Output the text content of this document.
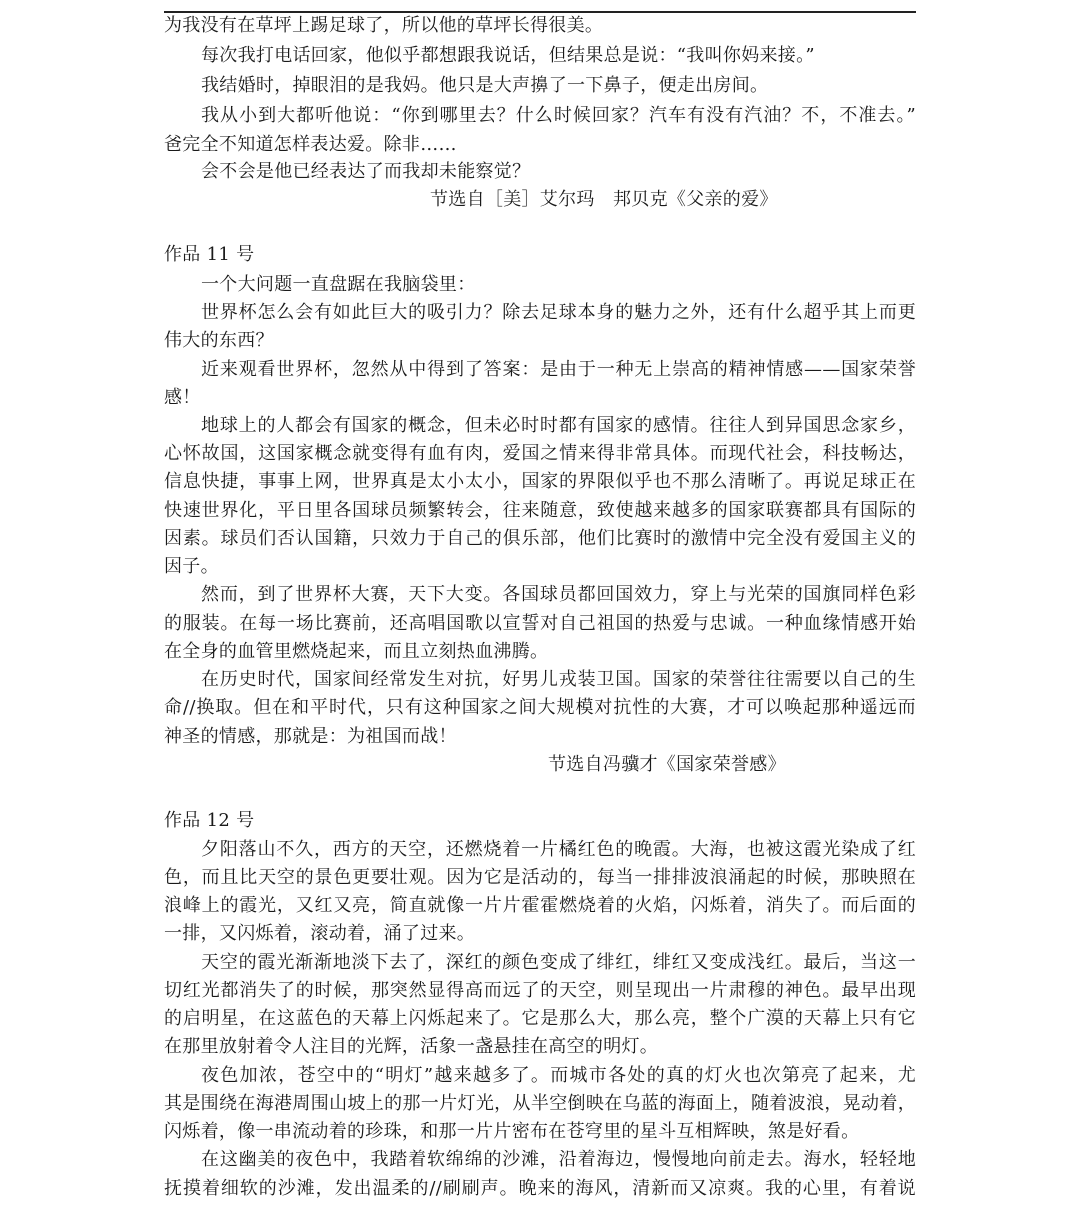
为我没有在草坪上踢足球了，所以他的草坪长得很美。
每次我打电话回家，他似乎都想跟我说话，但结果总是说：“我叫你妈来接。”
我结婚时，掉眼泪的是我妈。他只是大声擤了一下鼻子，便走出房间。
我从小到大都听他说：“你到哪里去？什么时候回家？汽车有没有汽油？不，不准去。”
爸完全不知道怎样表达爱。除非……
会不会是他已经表达了而我却未能察觉？
节选自［美］艾尔玛　邦贝克《父亲的爱》
作品 11 号
一个大问题一直盘踞在我脑袋里：
世界杯怎么会有如此巨大的吸引力？除去足球本身的魅力之外，还有什么超乎其上而更
伟大的东西？
近来观看世界杯，忽然从中得到了答案：是由于一种无上崇高的精神情感——国家荣誉
感！
地球上的人都会有国家的概念，但未必时时都有国家的感情。往往人到异国思念家乡，
心怀故国，这国家概念就变得有血有肉，爱国之情来得非常具体。而现代社会，科技畅达，
信息快捷，事事上网，世界真是太小太小，国家的界限似乎也不那么清晰了。再说足球正在
快速世界化，平日里各国球员频繁转会，往来随意，致使越来越多的国家联赛都具有国际的
因素。球员们否认国籍，只效力于自己的俱乐部，他们比赛时的激情中完全没有爱国主义的
因子。
然而，到了世界杯大赛，天下大变。各国球员都回国效力，穿上与光荣的国旗同样色彩
的服装。在每一场比赛前，还高唱国歌以宣誓对自己祖国的热爱与忠诚。一种血缘情感开始
在全身的血管里燃烧起来，而且立刻热血沸腾。
在历史时代，国家间经常发生对抗，好男儿戎装卫国。国家的荣誉往往需要以自己的生
命//换取。但在和平时代，只有这种国家之间大规模对抗性的大赛，才可以唤起那种遥远而
神圣的情感，那就是：为祖国而战！
节选自冯骥才《国家荣誉感》
作品 12 号
夕阳落山不久，西方的天空，还燃烧着一片橘红色的晚霞。大海，也被这霞光染成了红
色，而且比天空的景色更要壮观。因为它是活动的，每当一排排波浪涌起的时候，那映照在
浪峰上的霞光，又红又亮，简直就像一片片霍霍燃烧着的火焰，闪烁着，消失了。而后面的
一排，又闪烁着，滚动着，涌了过来。
天空的霞光渐渐地淡下去了，深红的颜色变成了绯红，绯红又变成浅红。最后，当这一
切红光都消失了的时候，那突然显得高而远了的天空，则呈现出一片肃穆的神色。最早出现
的启明星，在这蓝色的天幕上闪烁起来了。它是那么大，那么亮，整个广漠的天幕上只有它
在那里放射着令人注目的光辉，活象一盏悬挂在高空的明灯。
夜色加浓，苍空中的“明灯”越来越多了。而城市各处的真的灯火也次第亮了起来，尤
其是围绕在海港周围山坡上的那一片灯光，从半空倒映在乌蓝的海面上，随着波浪，晃动着，
闪烁着，像一串流动着的珍珠，和那一片片密布在苍穹里的星斗互相辉映，煞是好看。
在这幽美的夜色中，我踏着软绵绵的沙滩，沿着海边，慢慢地向前走去。海水，轻轻地
抚摸着细软的沙滩，发出温柔的//刷刷声。晚来的海风，清新而又凉爽。我的心里，有着说
